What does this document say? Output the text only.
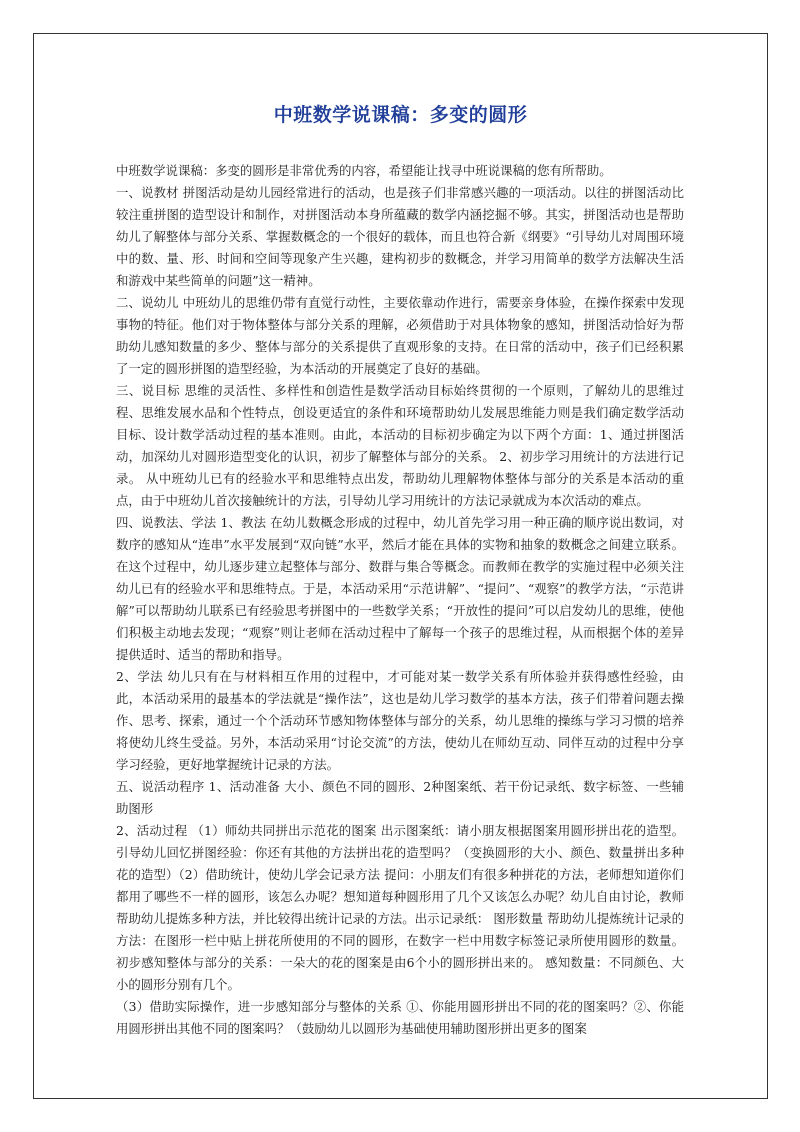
中班数学说课稿：多变的圆形

中班数学说课稿：多变的圆形是非常优秀的内容，希望能让找寻中班说课稿的您有所帮助。

一、说教材 拼图活动是幼儿园经常进行的活动，也是孩子们非常感兴趣的一项活动。以往的拼图活动比较注重拼图的造型设计和制作，对拼图活动本身所蕴藏的数学内涵挖掘不够。其实，拼图活动也是帮助幼儿了解整体与部分关系、掌握数概念的一个很好的载体，而且也符合新《纲要》“引导幼儿对周围环境中的数、量、形、时间和空间等现象产生兴趣，建构初步的数概念，并学习用简单的数学方法解决生活和游戏中某些简单的问题”这一精神。

二、说幼儿 中班幼儿的思维仍带有直觉行动性，主要依靠动作进行，需要亲身体验，在操作探索中发现事物的特征。他们对于物体整体与部分关系的理解，必须借助于对具体物象的感知，拼图活动恰好为帮助幼儿感知数量的多少、整体与部分的关系提供了直观形象的支持。在日常的活动中，孩子们已经积累了一定的圆形拼图的造型经验，为本活动的开展奠定了良好的基础。

三、说目标 思维的灵活性、多样性和创造性是数学活动目标始终贯彻的一个原则，了解幼儿的思维过程、思维发展水品和个性特点，创设更适宜的条件和环境帮助幼儿发展思维能力则是我们确定数学活动目标、设计数学活动过程的基本准则。由此，本活动的目标初步确定为以下两个方面：1、通过拼图活动，加深幼儿对圆形造型变化的认识，初步了解整体与部分的关系。 2、初步学习用统计的方法进行记录。 从中班幼儿已有的经验水平和思维特点出发，帮助幼儿理解物体整体与部分的关系是本活动的重点，由于中班幼儿首次接触统计的方法，引导幼儿学习用统计的方法记录就成为本次活动的难点。

四、说教法、学法 1、教法 在幼儿数概念形成的过程中，幼儿首先学习用一种正确的顺序说出数词，对数序的感知从“连串”水平发展到“双向链”水平，然后才能在具体的实物和抽象的数概念之间建立联系。在这个过程中，幼儿逐步建立起整体与部分、数群与集合等概念。而教师在教学的实施过程中必须关注幼儿已有的经验水平和思维特点。于是，本活动采用“示范讲解”、“提问”、“观察”的教学方法，“示范讲解”可以帮助幼儿联系已有经验思考拼图中的一些数学关系；“开放性的提问”可以启发幼儿的思维，使他们积极主动地去发现；“观察”则让老师在活动过程中了解每一个孩子的思维过程，从而根据个体的差异提供适时、适当的帮助和指导。

2、学法 幼儿只有在与材料相互作用的过程中，才可能对某一数学关系有所体验并获得感性经验，由此，本活动采用的最基本的学法就是“操作法”，这也是幼儿学习数学的基本方法，孩子们带着问题去操作、思考、探索，通过一个个活动环节感知物体整体与部分的关系，幼儿思维的操练与学习习惯的培养将使幼儿终生受益。另外，本活动采用“讨论交流”的方法，使幼儿在师幼互动、同伴互动的过程中分享学习经验，更好地掌握统计记录的方法。

五、说活动程序 1、活动准备 大小、颜色不同的圆形、2种图案纸、若干份记录纸、数字标签、一些辅助图形

2、活动过程 （1）师幼共同拼出示范花的图案 出示图案纸：请小朋友根据图案用圆形拼出花的造型。 引导幼儿回忆拼图经验：你还有其他的方法拼出花的造型吗？（变换圆形的大小、颜色、数量拼出多种花的造型）（2）借助统计，使幼儿学会记录方法 提问：小朋友们有很多种拼花的方法，老师想知道你们都用了哪些不一样的圆形，该怎么办呢？想知道每种圆形用了几个又该怎么办呢？幼儿自由讨论，教师帮助幼儿提炼多种方法，并比较得出统计记录的方法。出示记录纸： 图形数量 帮助幼儿提炼统计记录的方法：在图形一栏中贴上拼花所使用的不同的圆形，在数字一栏中用数字标签记录所使用圆形的数量。 初步感知整体与部分的关系：一朵大的花的图案是由6个小的圆形拼出来的。 感知数量：不同颜色、大小的圆形分别有几个。

（3）借助实际操作，进一步感知部分与整体的关系 ①、你能用圆形拼出不同的花的图案吗？②、你能用圆形拼出其他不同的图案吗？（鼓励幼儿以圆形为基础使用辅助图形拼出更多的图案
